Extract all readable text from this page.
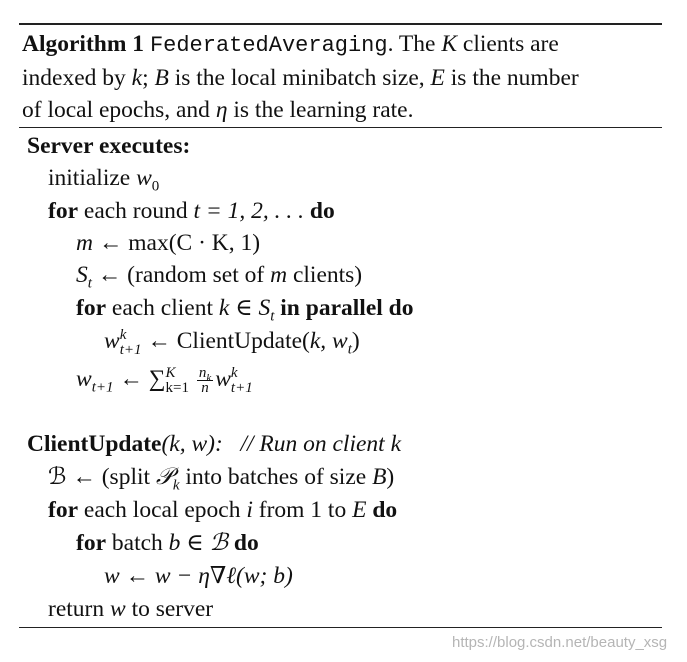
Algorithm 1 FederatedAveraging. The K clients are
indexed by k; B is the local minibatch size, E is the number
of local epochs, and η is the learning rate.
Server executes:
initialize $w_0$
for each round t = 1, 2, . . . do
m ← max(C · K, 1)
$S_t$ ← (random set of m clients)
for each client k ∈ $S_t$ in parallel do
w k
t+1 ← ClientUpdate(k, $w_t$)
$w_{t+1}$ ← ∑ K
k=1
$\frac{n_k}{n}$ w k
t+1
ClientUpdate(k, w): // Run on client k
ℬ ← (split 𝒫$_k$ into batches of size B)
for each local epoch i from 1 to E do
for batch b ∈ ℬ do
w ← w − η∇ℓ(w; b)
return w to server
https://blog.csdn.net/beauty_xsg
